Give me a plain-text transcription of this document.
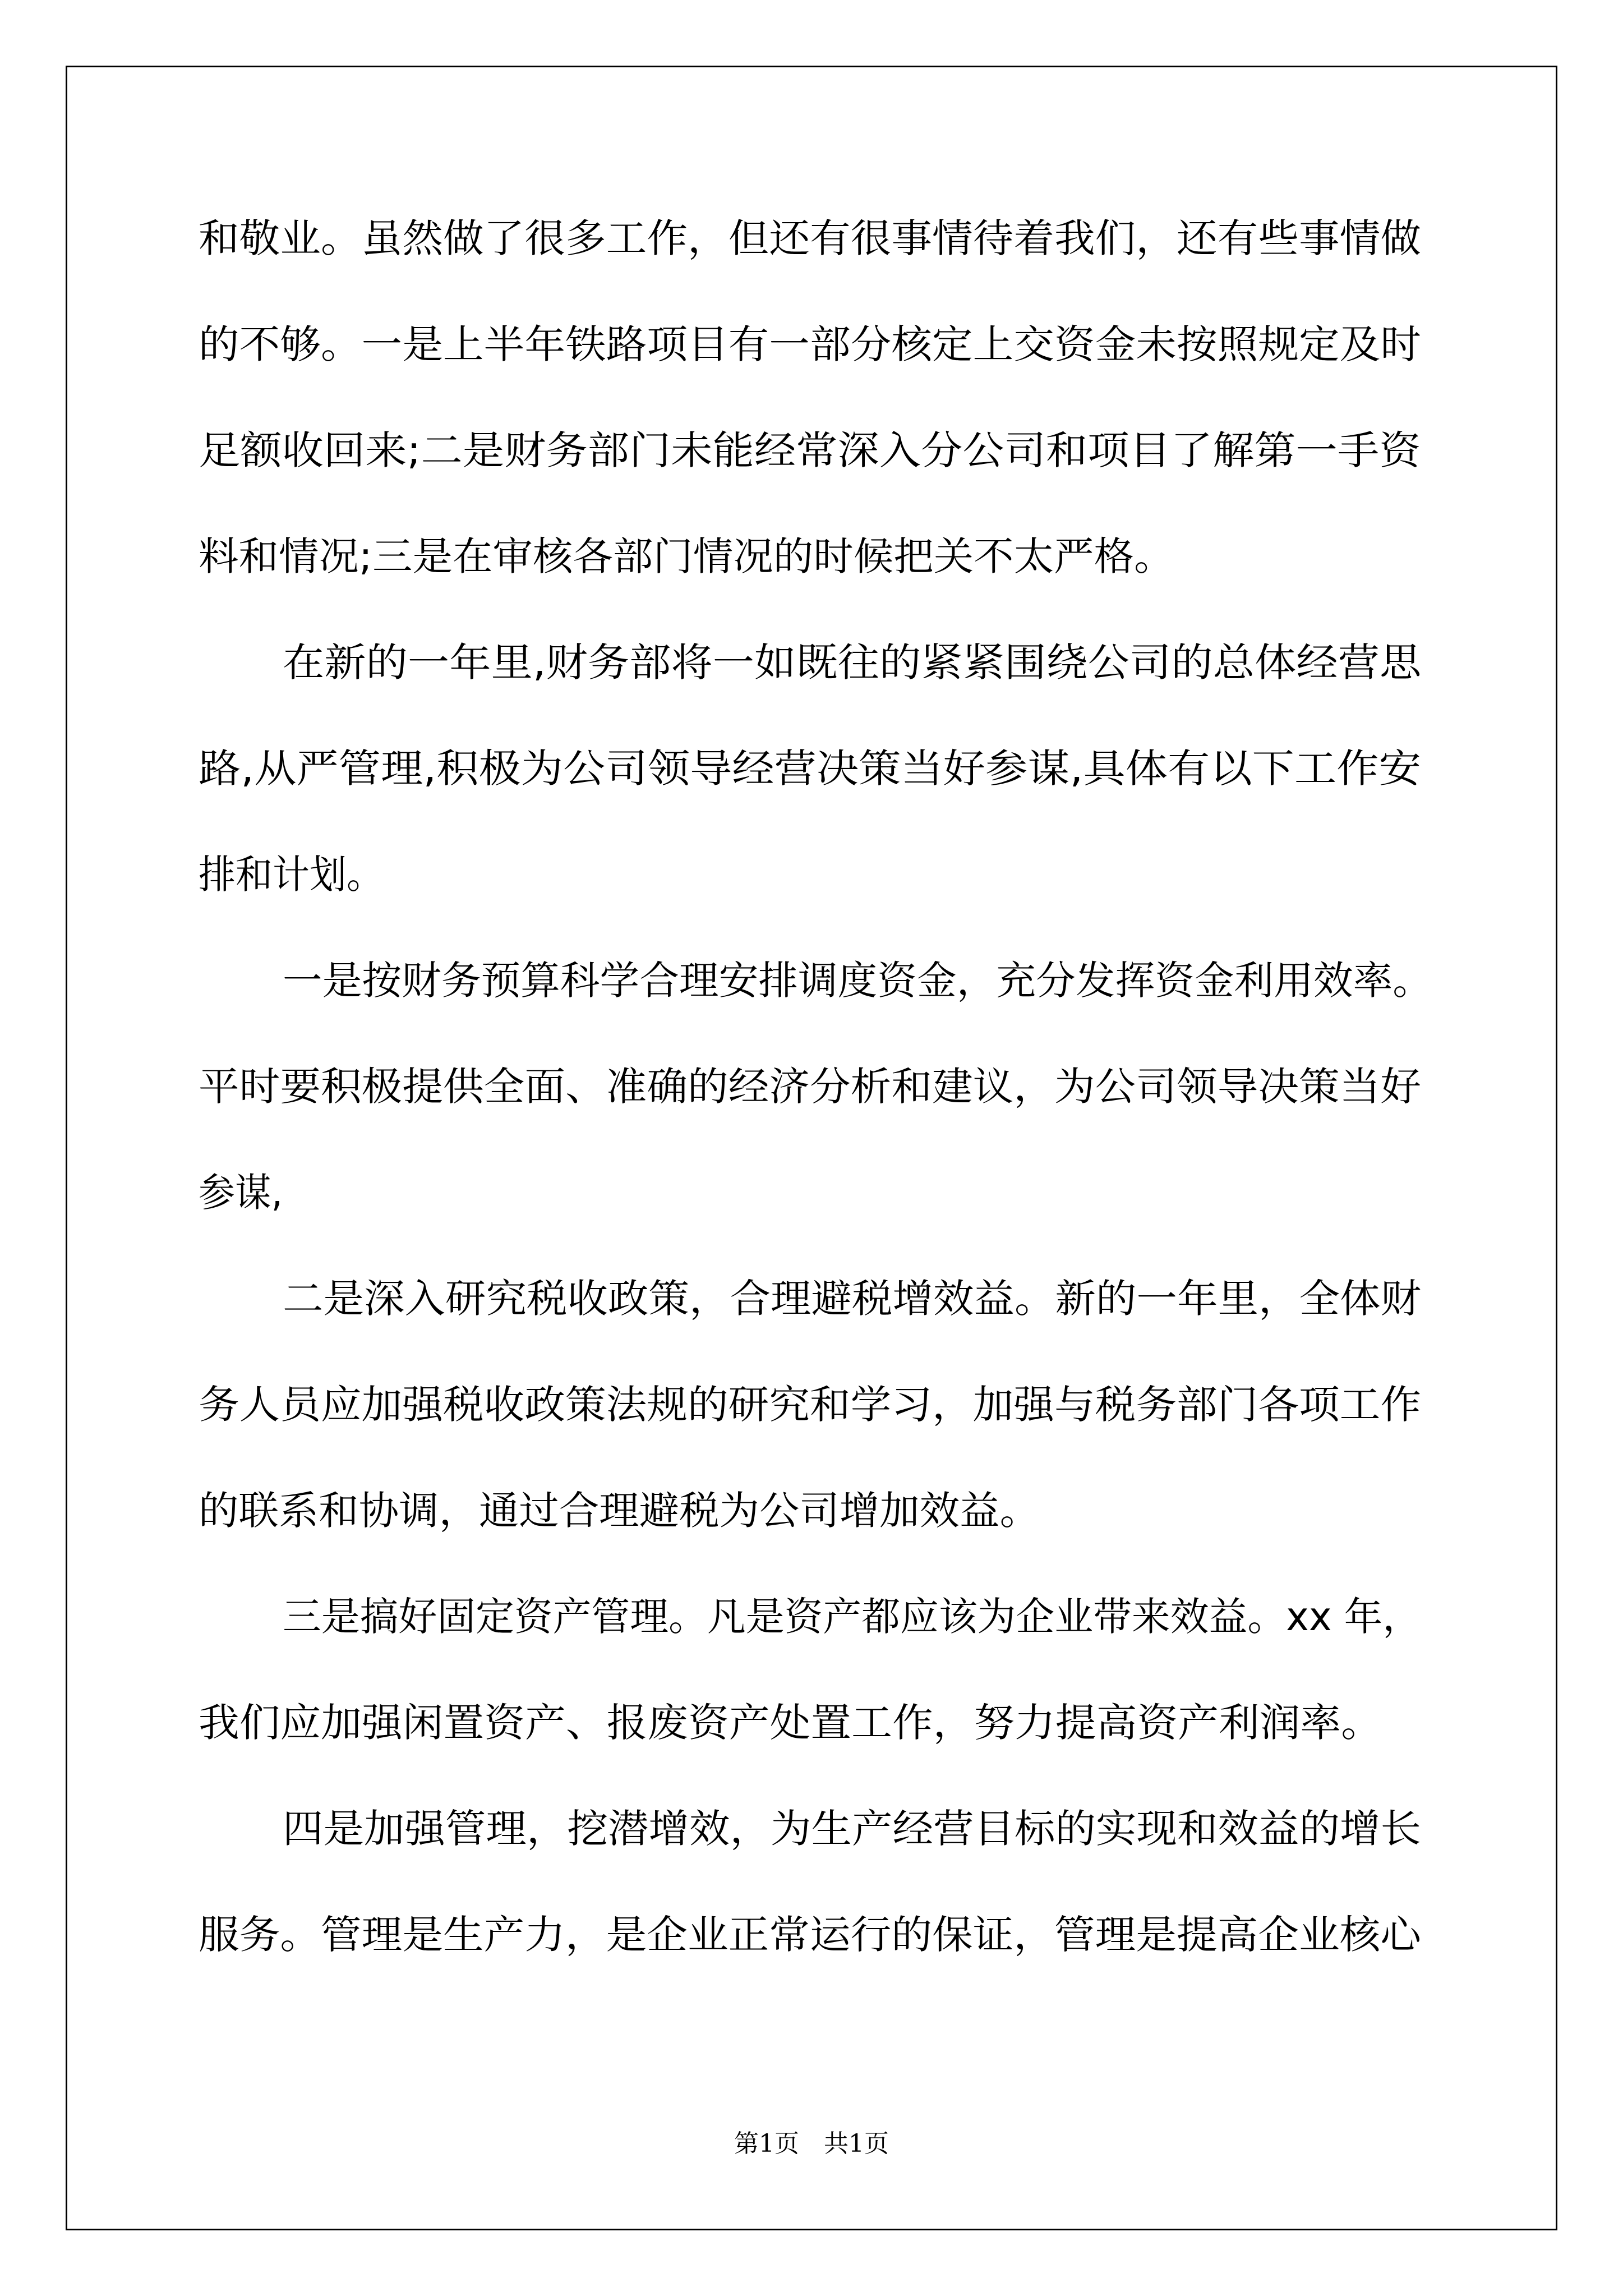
和敬业。虽然做了很多工作，但还有很事情待着我们，还有些事情做
的不够。一是上半年铁路项目有一部分核定上交资金未按照规定及时
足额收回来;二是财务部门未能经常深入分公司和项目了解第一手资
料和情况;三是在审核各部门情况的时候把关不太严格。
在新的一年里,财务部将一如既往的紧紧围绕公司的总体经营思
路,从严管理,积极为公司领导经营决策当好参谋,具体有以下工作安
排和计划。
一是按财务预算科学合理安排调度资金，充分发挥资金利用效率。
平时要积极提供全面、准确的经济分析和建议，为公司领导决策当好
参谋,
二是深入研究税收政策，合理避税增效益。新的一年里，全体财
务人员应加强税收政策法规的研究和学习，加强与税务部门各项工作
的联系和协调，通过合理避税为公司增加效益。
三是搞好固定资产管理。凡是资产都应该为企业带来效益。xx 年，
我们应加强闲置资产、报废资产处置工作，努力提高资产利润率。
四是加强管理，挖潜增效，为生产经营目标的实现和效益的增长
服务。管理是生产力，是企业正常运行的保证，管理是提高企业核心
第1页　共1页
